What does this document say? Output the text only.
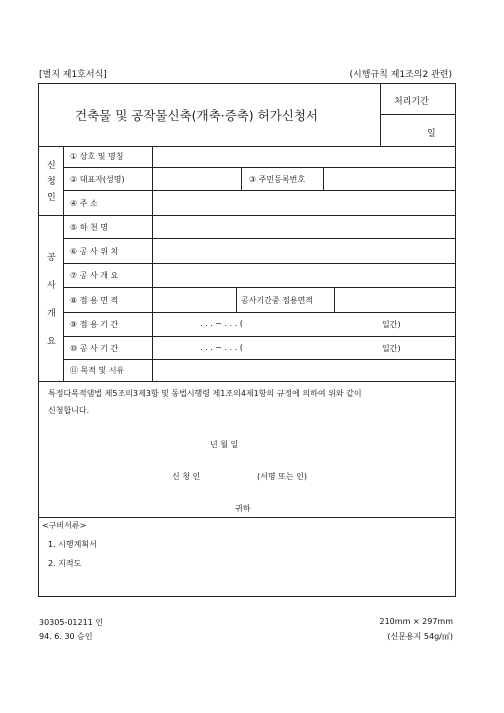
[별지 제1호서식]	(시행규칙 제1조의2 관련)
건축물 및 공작물신축(개축·증축) 허가신청서
처리기간
일
신
청
인
① 상호 및 명칭
② 대표자(성명)	③ 주민등록번호
④ 주 소
공
사
개
요
⑤ 하 천 명
⑥ 공 사 위 치
⑦ 공 사 개 요
⑧ 점 용 면 적	공사기간중 점용면적
⑨ 점 용 기 간	. . . ~ . . . (	일간)
⑩ 공 사 기 간	. . . ~ . . . (	일간)
⑪ 목적 및 시유
특정다목적댐법 제5조의3제3항 및 동법시행령 제1조의4제1항의 규정에 의하여 위와 같이
신청합니다.
년 월 일
신 청 인	(서명 또는 인)
귀하
<구비서류>
1. 시행계획서
2. 지적도
30305-01211 인
94. 6. 30 승인
210mm × 297mm
(신문용지 54g/㎡)
